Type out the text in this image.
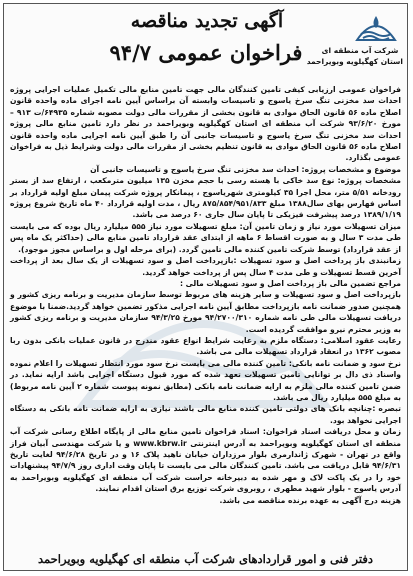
شرکت آب منطقه ای
استان کهگیلویه وبویراحمد
آگهی تجدید مناقصه
فراخوان عمومی ۹۴/۷

فراخوان عمومی ارزیابی کیفی تامین کنندگان مالی جهت تامین منابع مالی تکمیل عملیات اجرایی پروژه احداث سد مخزنی تنگ سرخ یاسوج و تاسیسات وابسته آن براساس آیین نامه اجرای ماده واحده قانون اصلاح ماده ۵۶ قانون الحاق موادی به قانون بخشی از مقررات مالی دولت مصوبه شماره ۶۴۹۳۵/ت ۹۱۳ – مورخ ۹۳/۶/۲۰ شرکت آب منطقه ای استان کهگیلویه وبویراحمد در نظر دارد تامین منابع مالی پروژه احداث سد مخزنی تنگ سرخ یاسوج و تاسیسات جانبی آن را طبق آیین نامه اجرایی ماده واحده قانون اصلاح ماده ۵۶ قانون الحاق موادی به قانون تنظیم بخشی از مقررات مالی دولت وشرایط ذیل به فراخوان عمومی بگذارد.

موضوع و مشخصات پروژه: احداث سد مخزنی تنگ سرخ یاسوج و تاسیسات جانبی آن

مشخصات پروژه: نوع سد خاکی با هسته رسی با حجم مخزن ۱۳۵ میلیون مترمکعب ، ارتفاع سد از بستر رودخانه ۵/۵۱ متر، محل اجرا ۳۵ کیلومتری شهریاسوج ، پیمانکار پروژه شرکت پیمان مبلغ اولیه قرارداد بر اساس فهارس بهای سال۱۳۸۸ مبلغ ۸۷۵/۸۵۴/۹۵۱/۸۳۳ ریال ، مدت اولیه قرارداد ۴۰ ماه تاریخ شروع پروژه ۱۳۸۹/۱/۱۹ درصد پیشرفت فیزیکی تا پایان سال جاری ۶۰ درصد می باشد.

میزان تسهیلات مورد نیاز و زمان تامین آن: مبلغ تسهیلات مورد نیاز ۵۵۵ میلیارد ریال بوده که می بایست طی مدت ۳ سال و به صورت اقساط ۶ ماهه از ابتدای عقد قرارداد تامین منابع مالی (حداکثر یک ماه پس از عقد قرارداد) توسط شرکت تامین کننده مالی تامین گردد. (برای مرحله اول و براساس مجوز موجود).

زمانبندی باز پرداخت اصل و سود تسهیلات :بازپرداخت اصل و سود تسهیلات از یک سال بعد از پرداخت آخرین قسط تسهیلات و طی مدت ۴ سال پس از پرداخت خواهد گردید.

مراجع تضمین مالی باز پرداخت اصل و سود تسهیلات مالی :

بازپرداخت اصل و سود تسهیلات و سایر هزینه های مربوط توسط سازمان مدیریت و برنامه ریزی کشور و همچنین صدور ضمانت نامه بازپرداخت مطابق آیین نامه اجرایی مذکور تضمین خواهد گردید.ضمنا با موضوع دریافت تسهیلات مالی طی نامه شماره ۹۴/۲۷۰۰/۳۱۰ مورخ ۹۴/۳/۲۵ سازمان مدیریت و برنامه ریزی کشور به وزیر محترم نیرو موافقت گردیده است.

رعایت عقود اسلامی: دستگاه ملزم به رعایت شرایط انواع عقود مندرج در قانون عملیات بانکی بدون ربا مصوب ۱۳۶۲ در انعقاد قرارداد تسهیلات مالی می باشد.

نرخ سود و ضمانت نامه بانکی: تامین کننده مالی می بایست نرخ سود مورد انتظار تسهیلات را اعلام نموده واسناد ذی دال بر توانایی تامین تسهیلات تعهد شده که مورد قبول دستگاه اجرایی باشد ارایه نماید. در ضمن تامین کننده مالی ملزم به ارایه ضمانت نامه بانکی (مطابق نمونه پیوست شماره ۲ آیین نامه مربوط) به مبلغ ۵۵۵ میلیارد ریال می باشد.

تبصره :چنانچه بانک های دولتی تامین کننده منابع مالی باشند نیازی به ارایه ضمانت نامه بانکی به دستگاه اجرایی نخواهد بود.

زمان و محل دریافت اسناد فراخوان: اسناد فراخوان تامین منابع مالی از پایگاه اطلاع رسانی شرکت آب منطقه ای استان کهگیلویه وبویراحمد به آدرس اینترنتی www.kbrw.ir و یا شرکت مهندسی آبیان فراز واقع در تهران - شهرک ژاندارمری بلوار مرزداران خیابان ناهید پلاک ۱۶ و در تاریخ ۹۴/۶/۲۸ لغایت تاریخ ۹۴/۶/۳۱ قابل دریافت می باشد. تامین کنندگان مالی می بایست تا پایان وقت اداری روز ۹۴/۷/۹ پیشنهادات خود را در یک پاکت لاک و مهر شده به دبیرخانه حراست شرکت آب منطقه ای کهگیلویه وبویراحمد به آدرس یاسوج - بلوار شهید مطهری ، روبروی شرکت توزیع برق استان اقدام نمایند.

هزینه درج آگهی به عهده برنده مناقصه می باشد.

دفتر فنی و امور قراردادهای شرکت آب منطقه ای کهگیلویه وبویراحمد
